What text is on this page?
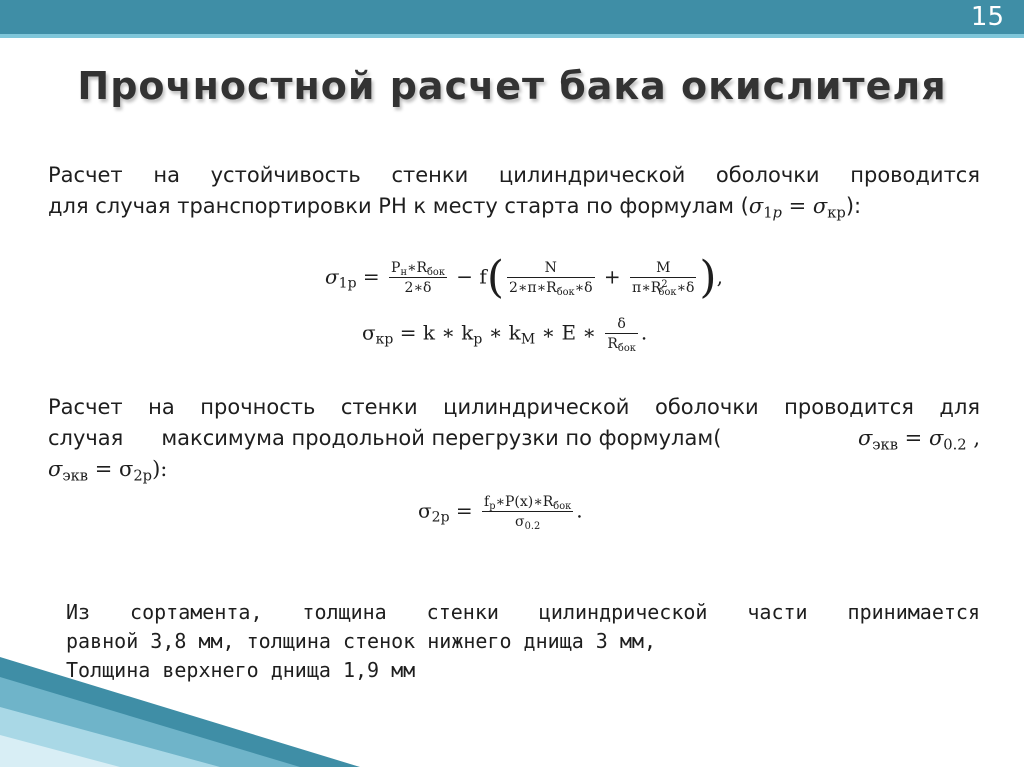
15
Прочностной расчет бака окислителя
Расчет на устойчивость стенки цилиндрической оболочки проводится
для случая транспортировки РН к месту старта по формулам $(\sigma_{1p} = \sigma_{кр})$:
$\sigma_{1p} = \frac{P_н∗R_{бок}}{2∗\delta} - f( \frac{N}{2∗\pi∗R_{бок}∗\delta} + \frac{M}{\pi∗R^2_{бок}∗\delta}$ ),
$\sigma_{кр} = k$ ∗ $k_p$ ∗ $k_M$ ∗ E ∗ $\frac{\delta}{R_{бок}}$ .
Расчет на прочность стенки цилиндрической оболочки проводится для
случая максимума продольной перегрузки по формулам(	$\sigma_{экв} = \sigma_{0.2}$ ,
$\sigma_{экв} = \sigma_{2p}$):
$\sigma_{2p} = \frac{f_p∗P(x)∗R_{бок}}{\sigma_{0.2}}$ .
Из сортамента, толщина стенки цилиндрической части принимается
равной 3,8 мм, толщина стенок нижнего днища 3 мм,
Толщина верхнего днища 1,9 мм
